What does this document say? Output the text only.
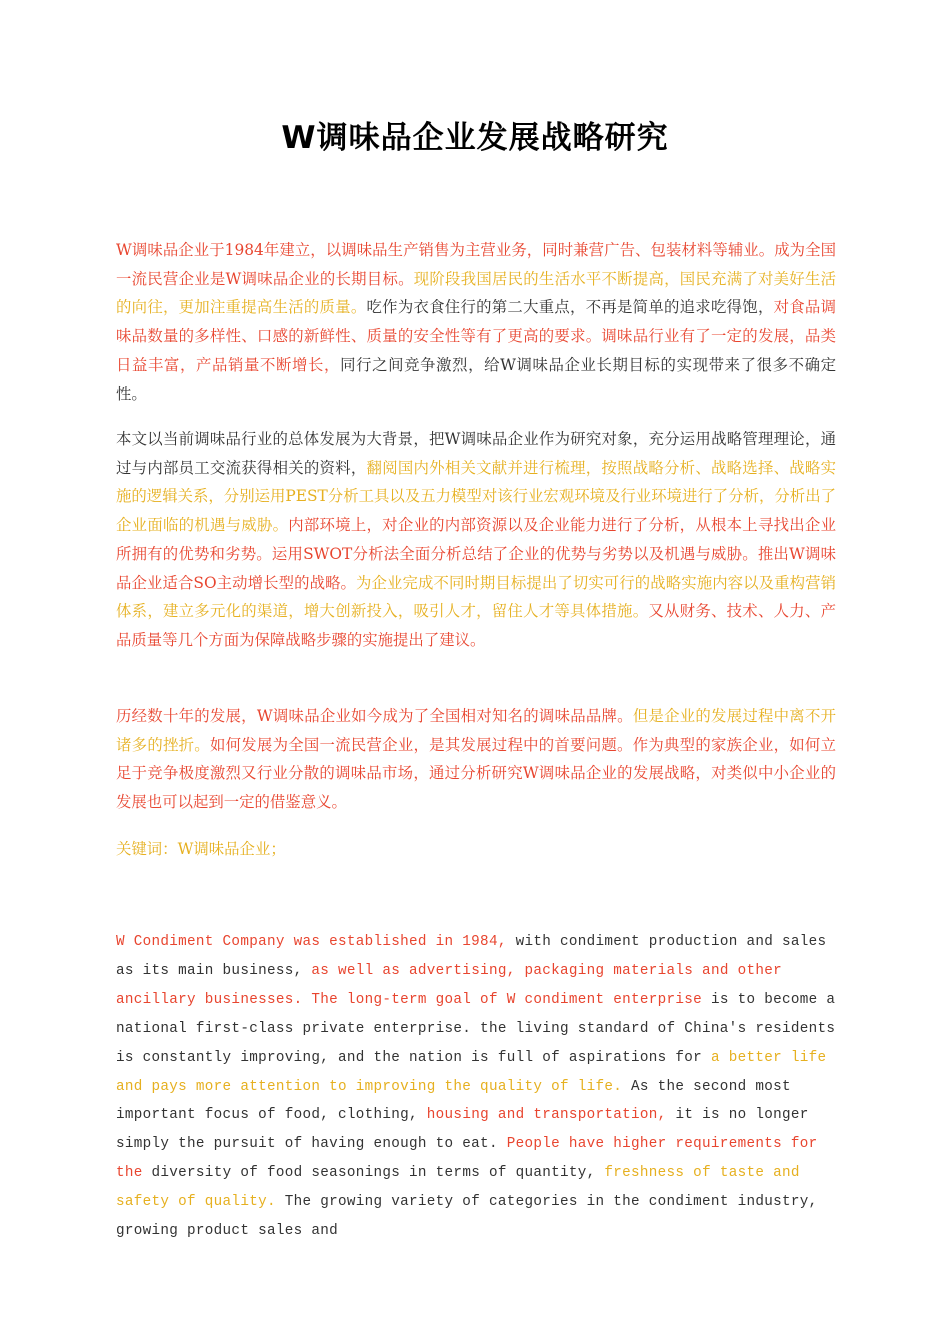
W调味品企业发展战略研究

W调味品企业于1984年建立，以调味品生产销售为主营业务，同时兼营广告、包装材料等辅业。成为全国一流民营企业是W调味品企业的长期目标。现阶段我国居民的生活水平不断提高，国民充满了对美好生活的向往，更加注重提高生活的质量。吃作为衣食住行的第二大重点，不再是简单的追求吃得饱，对食品调味品数量的多样性、口感的新鲜性、质量的安全性等有了更高的要求。调味品行业有了一定的发展，品类日益丰富，产品销量不断增长，同行之间竞争激烈，给W调味品企业长期目标的实现带来了很多不确定性。

本文以当前调味品行业的总体发展为大背景，把W调味品企业作为研究对象，充分运用战略管理理论，通过与内部员工交流获得相关的资料，翻阅国内外相关文献并进行梳理，按照战略分析、战略选择、战略实施的逻辑关系，分别运用PEST分析工具以及五力模型对该行业宏观环境及行业环境进行了分析，分析出了企业面临的机遇与威胁。内部环境上，对企业的内部资源以及企业能力进行了分析，从根本上寻找出企业所拥有的优势和劣势。运用SWOT分析法全面分析总结了企业的优势与劣势以及机遇与威胁。推出W调味品企业适合SO主动增长型的战略。为企业完成不同时期目标提出了切实可行的战略实施内容以及重构营销体系，建立多元化的渠道，增大创新投入，吸引人才，留住人才等具体措施。又从财务、技术、人力、产品质量等几个方面为保障战略步骤的实施提出了建议。

历经数十年的发展，W调味品企业如今成为了全国相对知名的调味品品牌。但是企业的发展过程中离不开诸多的挫折。如何发展为全国一流民营企业，是其发展过程中的首要问题。作为典型的家族企业，如何立足于竞争极度激烈又行业分散的调味品市场，通过分析研究W调味品企业的发展战略，对类似中小企业的发展也可以起到一定的借鉴意义。

关键词：W调味品企业；

W Condiment Company was established in 1984, with condiment production and sales as its main business, as well as advertising, packaging materials and other ancillary businesses. The long-term goal of W condiment enterprise is to become a national first-class private enterprise. the living standard of China's residents is constantly improving, and the nation is full of aspirations for a better life and pays more attention to improving the quality of life. As the second most important focus of food, clothing, housing and transportation, it is no longer simply the pursuit of having enough to eat. People have higher requirements for the diversity of food seasonings in terms of quantity, freshness of taste and safety of quality. The growing variety of categories in the condiment industry, growing product sales and
